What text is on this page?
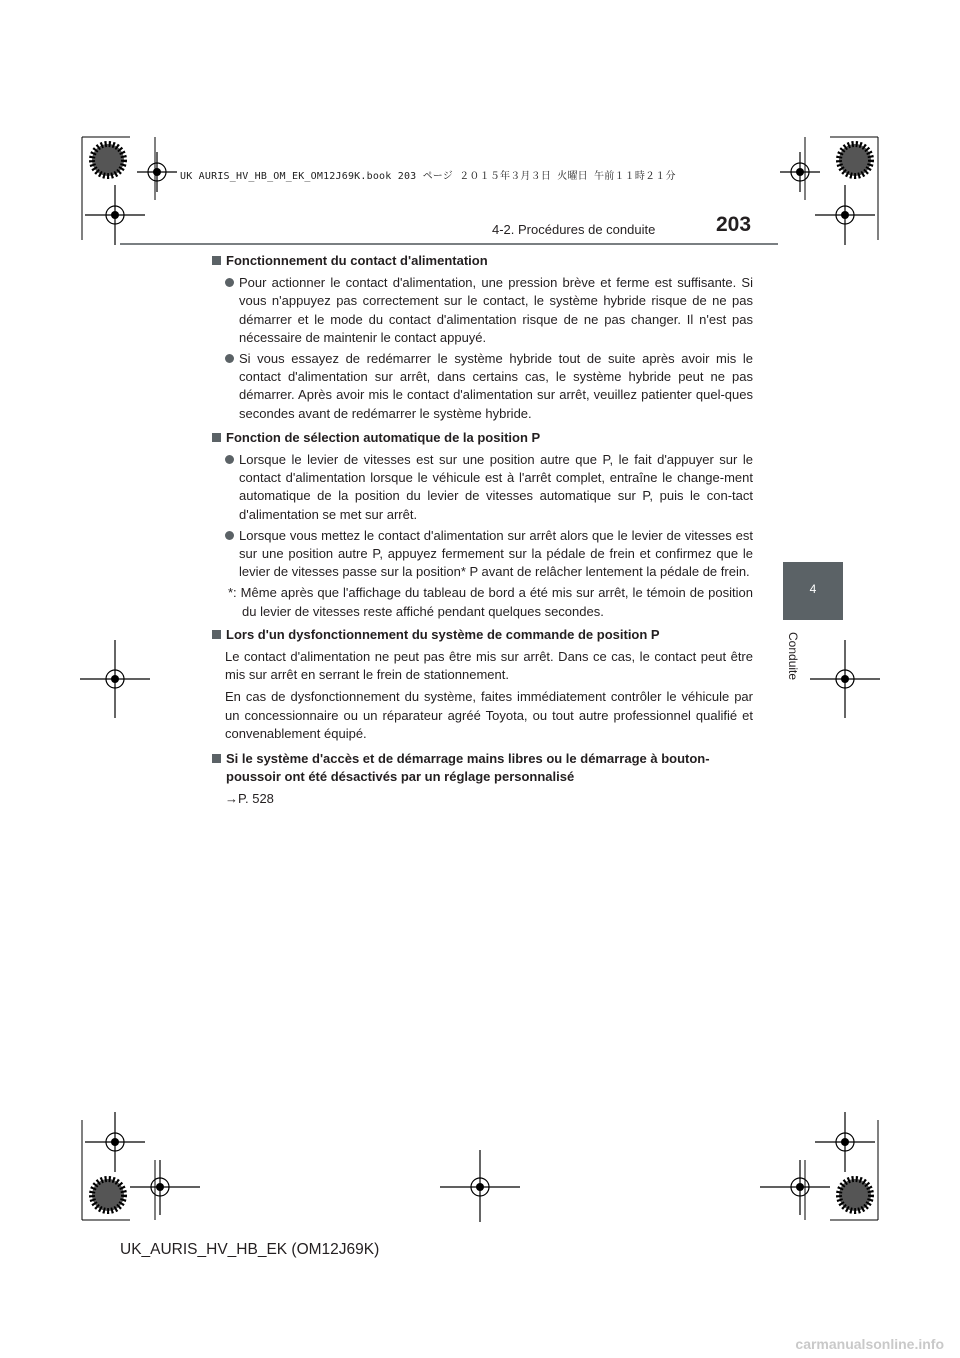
UK AURIS_HV_HB_OM_EK_OM12J69K.book 203 ページ ２０１５年３月３日 火曜日 午前１１時２１分
203
4-2. Procédures de conduite
4
Conduite
Fonctionnement du contact d'alimentation
Pour actionner le contact d'alimentation, une pression brève et ferme est suffisante. Si vous n'appuyez pas correctement sur le contact, le système hybride risque de ne pas démarrer et le mode du contact d'alimentation risque de ne pas changer. Il n'est pas nécessaire de maintenir le contact appuyé.
Si vous essayez de redémarrer le système hybride tout de suite après avoir mis le contact d'alimentation sur arrêt, dans certains cas, le système hybride peut ne pas démarrer. Après avoir mis le contact d'alimentation sur arrêt, veuillez patienter quel-ques secondes avant de redémarrer le système hybride.
Fonction de sélection automatique de la position P
Lorsque le levier de vitesses est sur une position autre que P, le fait d'appuyer sur le contact d'alimentation lorsque le véhicule est à l'arrêt complet, entraîne le change-ment automatique de la position du levier de vitesses automatique sur P, puis le con-tact d'alimentation se met sur arrêt.
Lorsque vous mettez le contact d'alimentation sur arrêt alors que le levier de vitesses est sur une position autre P, appuyez fermement sur la pédale de frein et confirmez que le levier de vitesses passe sur la position* P avant de relâcher lentement la pédale de frein.
*: Même après que l'affichage du tableau de bord a été mis sur arrêt, le témoin de position du levier de vitesses reste affiché pendant quelques secondes.
Lors d'un dysfonctionnement du système de commande de position P
Le contact d'alimentation ne peut pas être mis sur arrêt. Dans ce cas, le contact peut être mis sur arrêt en serrant le frein de stationnement.
En cas de dysfonctionnement du système, faites immédiatement contrôler le véhicule par un concessionnaire ou un réparateur agréé Toyota, ou tout autre professionnel qualifié et convenablement équipé.
Si le système d'accès et de démarrage mains libres ou le démarrage à bouton-poussoir ont été désactivés par un réglage personnalisé
→P. 528
UK_AURIS_HV_HB_EK (OM12J69K)
carmanualsonline.info
